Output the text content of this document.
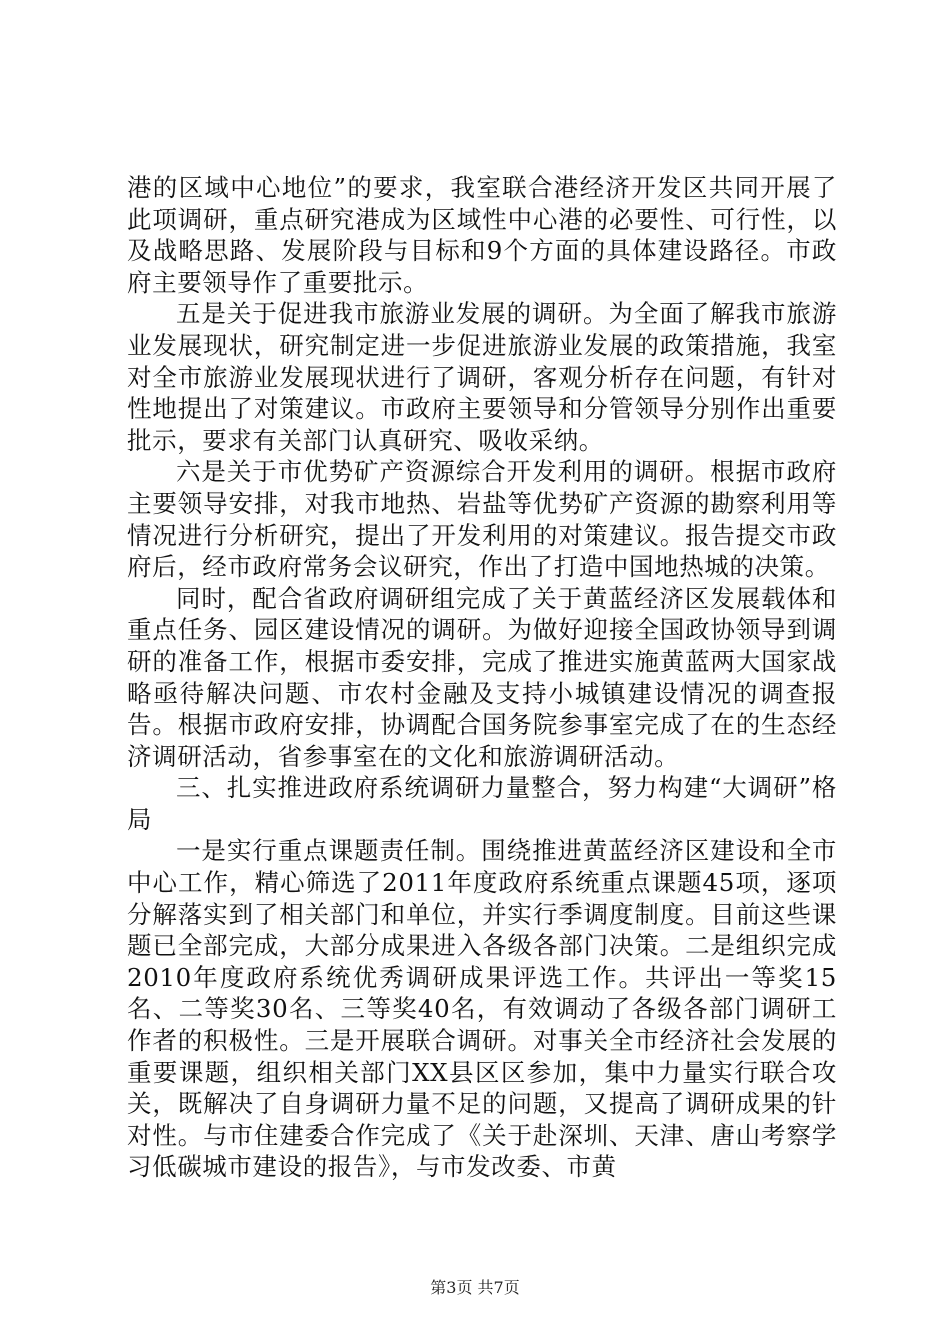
港的区域中心地位”的要求，我室联合港经济开发区共同开展了此项调研，重点研究港成为区域性中心港的必要性、可行性，以及战略思路、发展阶段与目标和9个方面的具体建设路径。市政府主要领导作了重要批示。

五是关于促进我市旅游业发展的调研。为全面了解我市旅游业发展现状，研究制定进一步促进旅游业发展的政策措施，我室对全市旅游业发展现状进行了调研，客观分析存在问题，有针对性地提出了对策建议。市政府主要领导和分管领导分别作出重要批示，要求有关部门认真研究、吸收采纳。

六是关于市优势矿产资源综合开发利用的调研。根据市政府主要领导安排，对我市地热、岩盐等优势矿产资源的勘察利用等情况进行分析研究，提出了开发利用的对策建议。报告提交市政府后，经市政府常务会议研究，作出了打造中国地热城的决策。

同时，配合省政府调研组完成了关于黄蓝经济区发展载体和重点任务、园区建设情况的调研。为做好迎接全国政协领导到调研的准备工作，根据市委安排，完成了推进实施黄蓝两大国家战略亟待解决问题、市农村金融及支持小城镇建设情况的调查报告。根据市政府安排，协调配合国务院参事室完成了在的生态经济调研活动，省参事室在的文化和旅游调研活动。

三、扎实推进政府系统调研力量整合，努力构建“大调研”格局

一是实行重点课题责任制。围绕推进黄蓝经济区建设和全市中心工作，精心筛选了2011年度政府系统重点课题45项，逐项分解落实到了相关部门和单位，并实行季调度制度。目前这些课题已全部完成，大部分成果进入各级各部门决策。二是组织完成2010年度政府系统优秀调研成果评选工作。共评出一等奖15名、二等奖30名、三等奖40名，有效调动了各级各部门调研工作者的积极性。三是开展联合调研。对事关全市经济社会发展的重要课题，组织相关部门XX县区区参加，集中力量实行联合攻关，既解决了自身调研力量不足的问题，又提高了调研成果的针对性。与市住建委合作完成了《关于赴深圳、天津、唐山考察学习低碳城市建设的报告》，与市发改委、市黄

第3页 共7页
